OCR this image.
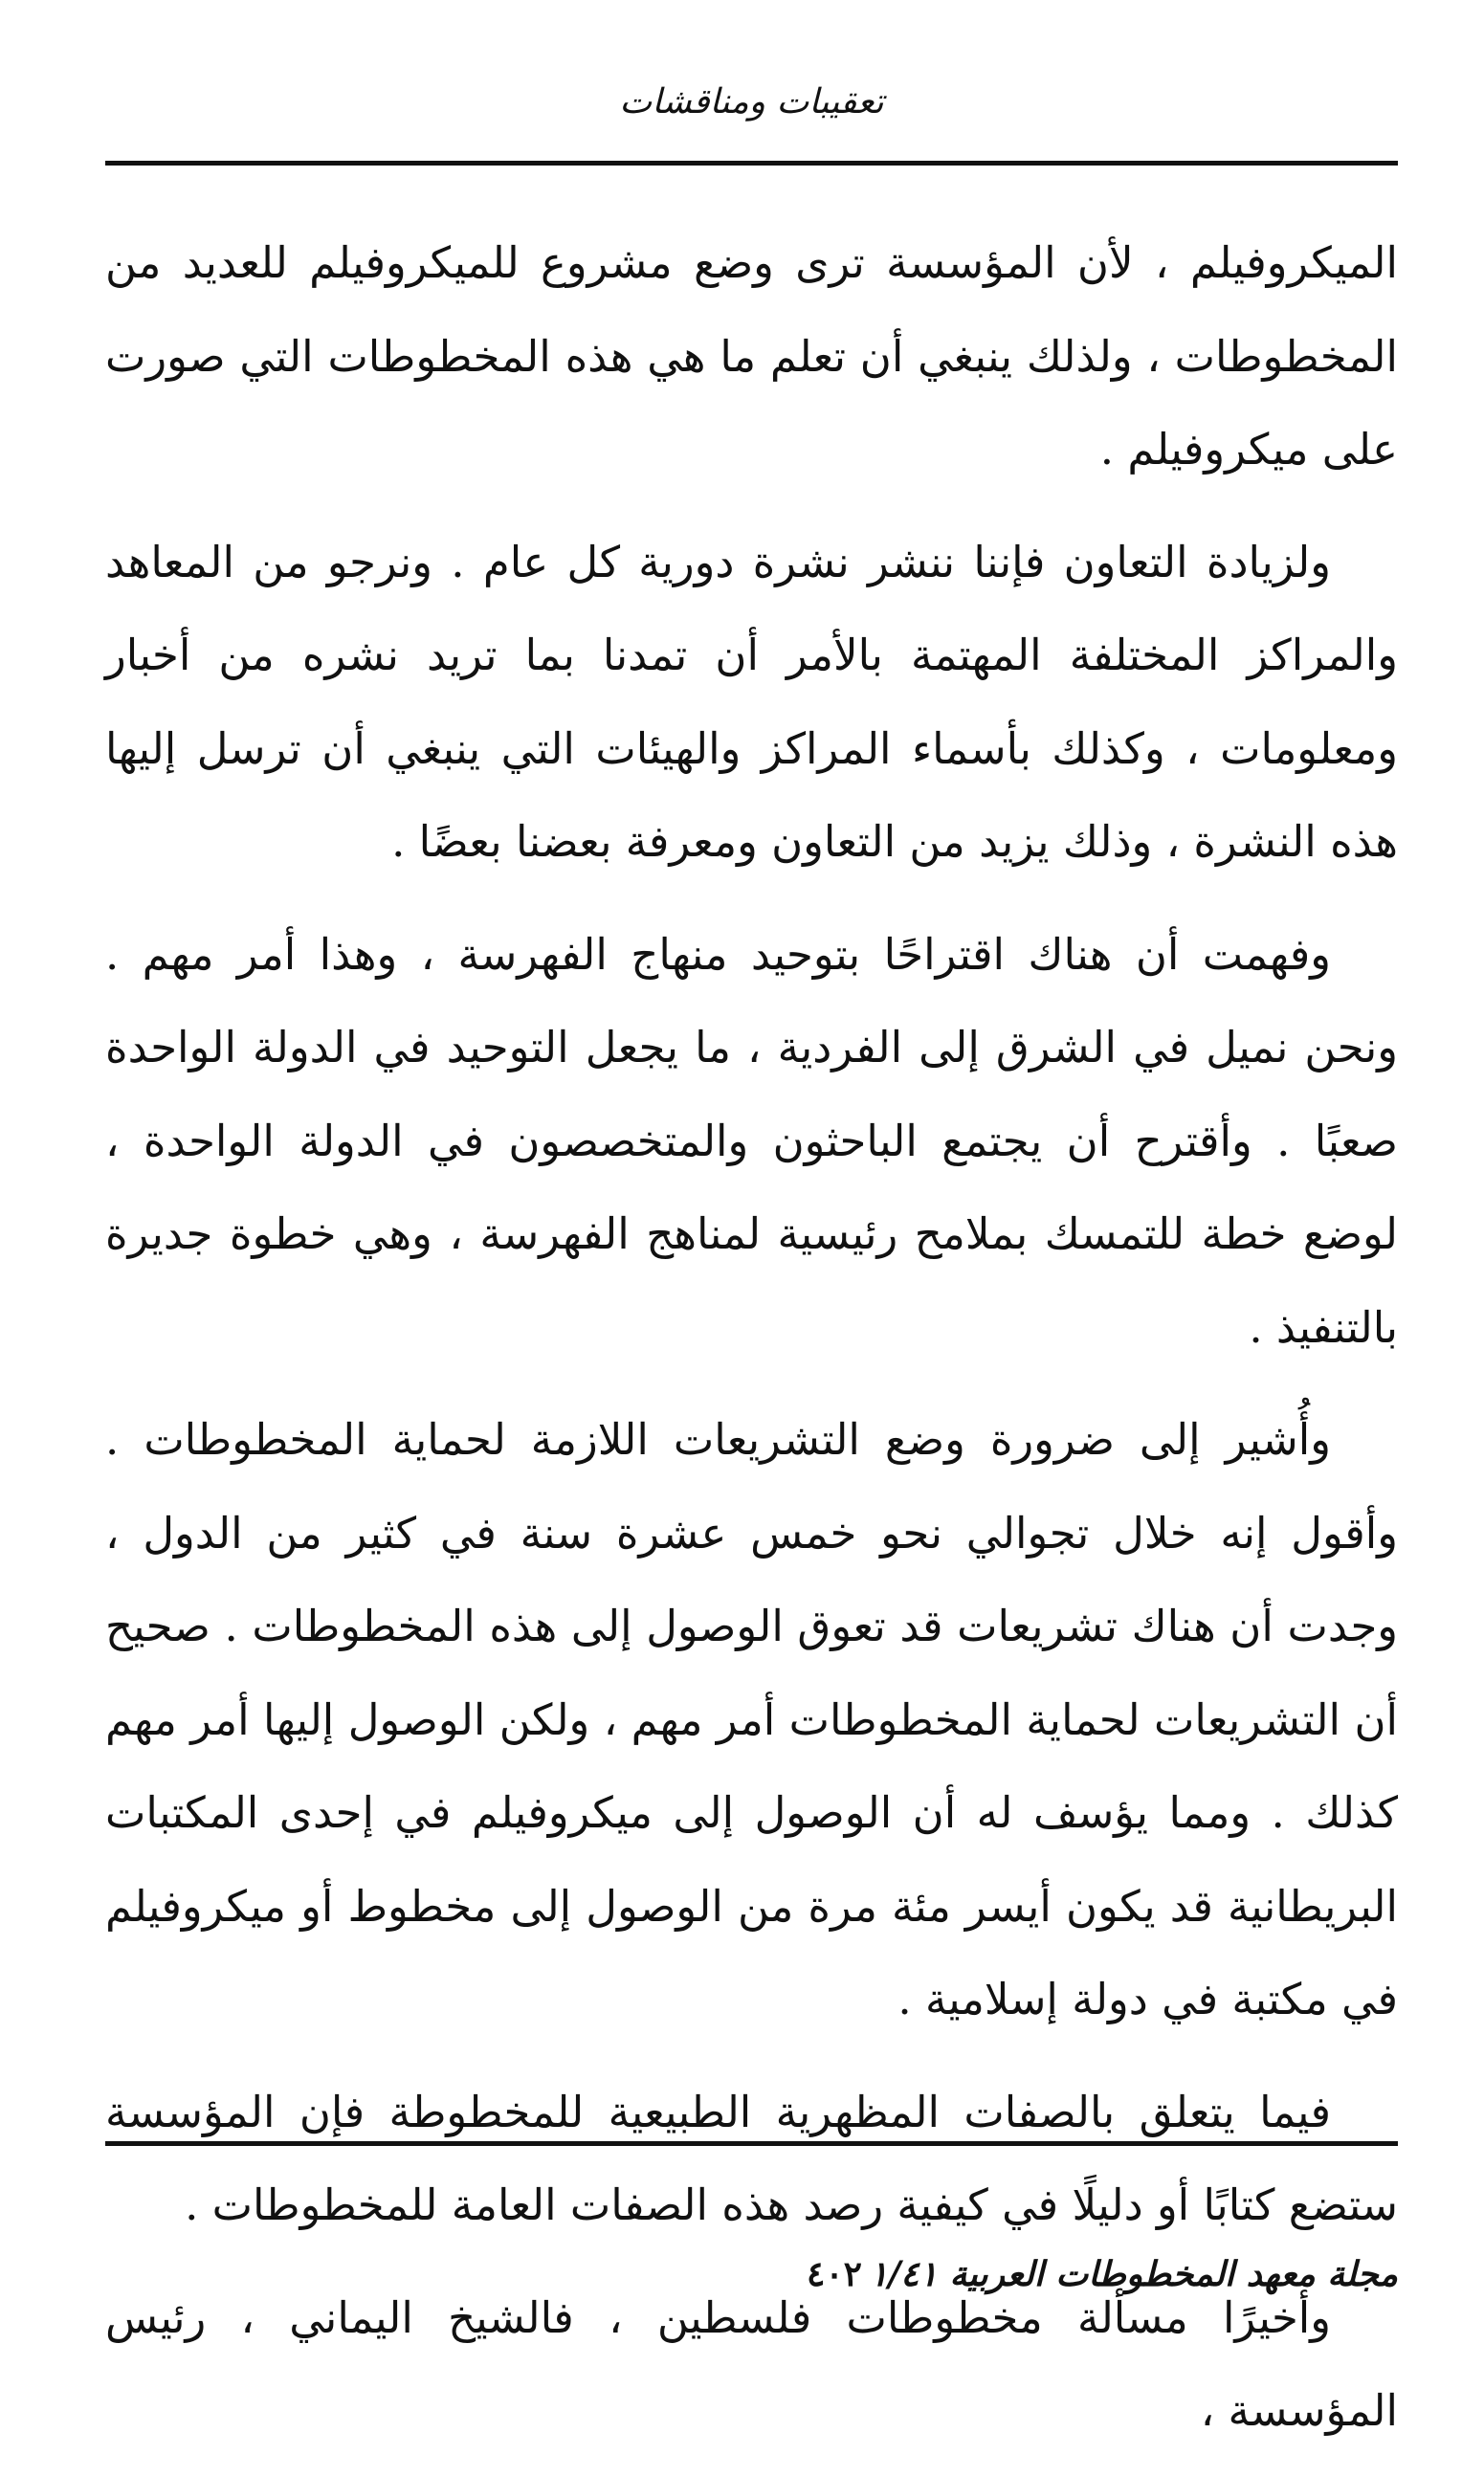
تعقيبات ومناقشات

الميكروفيلم ، لأن المؤسسة ترى وضع مشروع للميكروفيلم للعديد من المخطوطات ، ولذلك ينبغي أن تعلم ما هي هذه المخطوطات التي صورت على ميكروفيلم .

ولزيادة التعاون فإننا ننشر نشرة دورية كل عام . ونرجو من المعاهد والمراكز المختلفة المهتمة بالأمر أن تمدنا بما تريد نشره من أخبار ومعلومات ، وكذلك بأسماء المراكز والهيئات التي ينبغي أن ترسل إليها هذه النشرة ، وذلك يزيد من التعاون ومعرفة بعضنا بعضًا .

وفهمت أن هناك اقتراحًا بتوحيد منهاج الفهرسة ، وهذا أمر مهم . ونحن نميل في الشرق إلى الفردية ، ما يجعل التوحيد في الدولة الواحدة صعبًا . وأقترح أن يجتمع الباحثون والمتخصصون في الدولة الواحدة ، لوضع خطة للتمسك بملامح رئيسية لمناهج الفهرسة ، وهي خطوة جديرة بالتنفيذ .

وأُشير إلى ضرورة وضع التشريعات اللازمة لحماية المخطوطات . وأقول إنه خلال تجوالي نحو خمس عشرة سنة في كثير من الدول ، وجدت أن هناك تشريعات قد تعوق الوصول إلى هذه المخطوطات . صحيح أن التشريعات لحماية المخطوطات أمر مهم ، ولكن الوصول إليها أمر مهم كذلك . ومما يؤسف له أن الوصول إلى ميكروفيلم في إحدى المكتبات البريطانية قد يكون أيسر مئة مرة من الوصول إلى مخطوط أو ميكروفيلم في مكتبة في دولة إسلامية .

فيما يتعلق بالصفات المظهرية الطبيعية للمخطوطة فإن المؤسسة ستضع كتابًا أو دليلًا في كيفية رصد هذه الصفات العامة للمخطوطات .

وأخيرًا مسألة مخطوطات فلسطين ، فالشيخ اليماني ، رئيس المؤسسة ،

مجلة معهد المخطوطات العربية ١/٤١
٤٠٢
